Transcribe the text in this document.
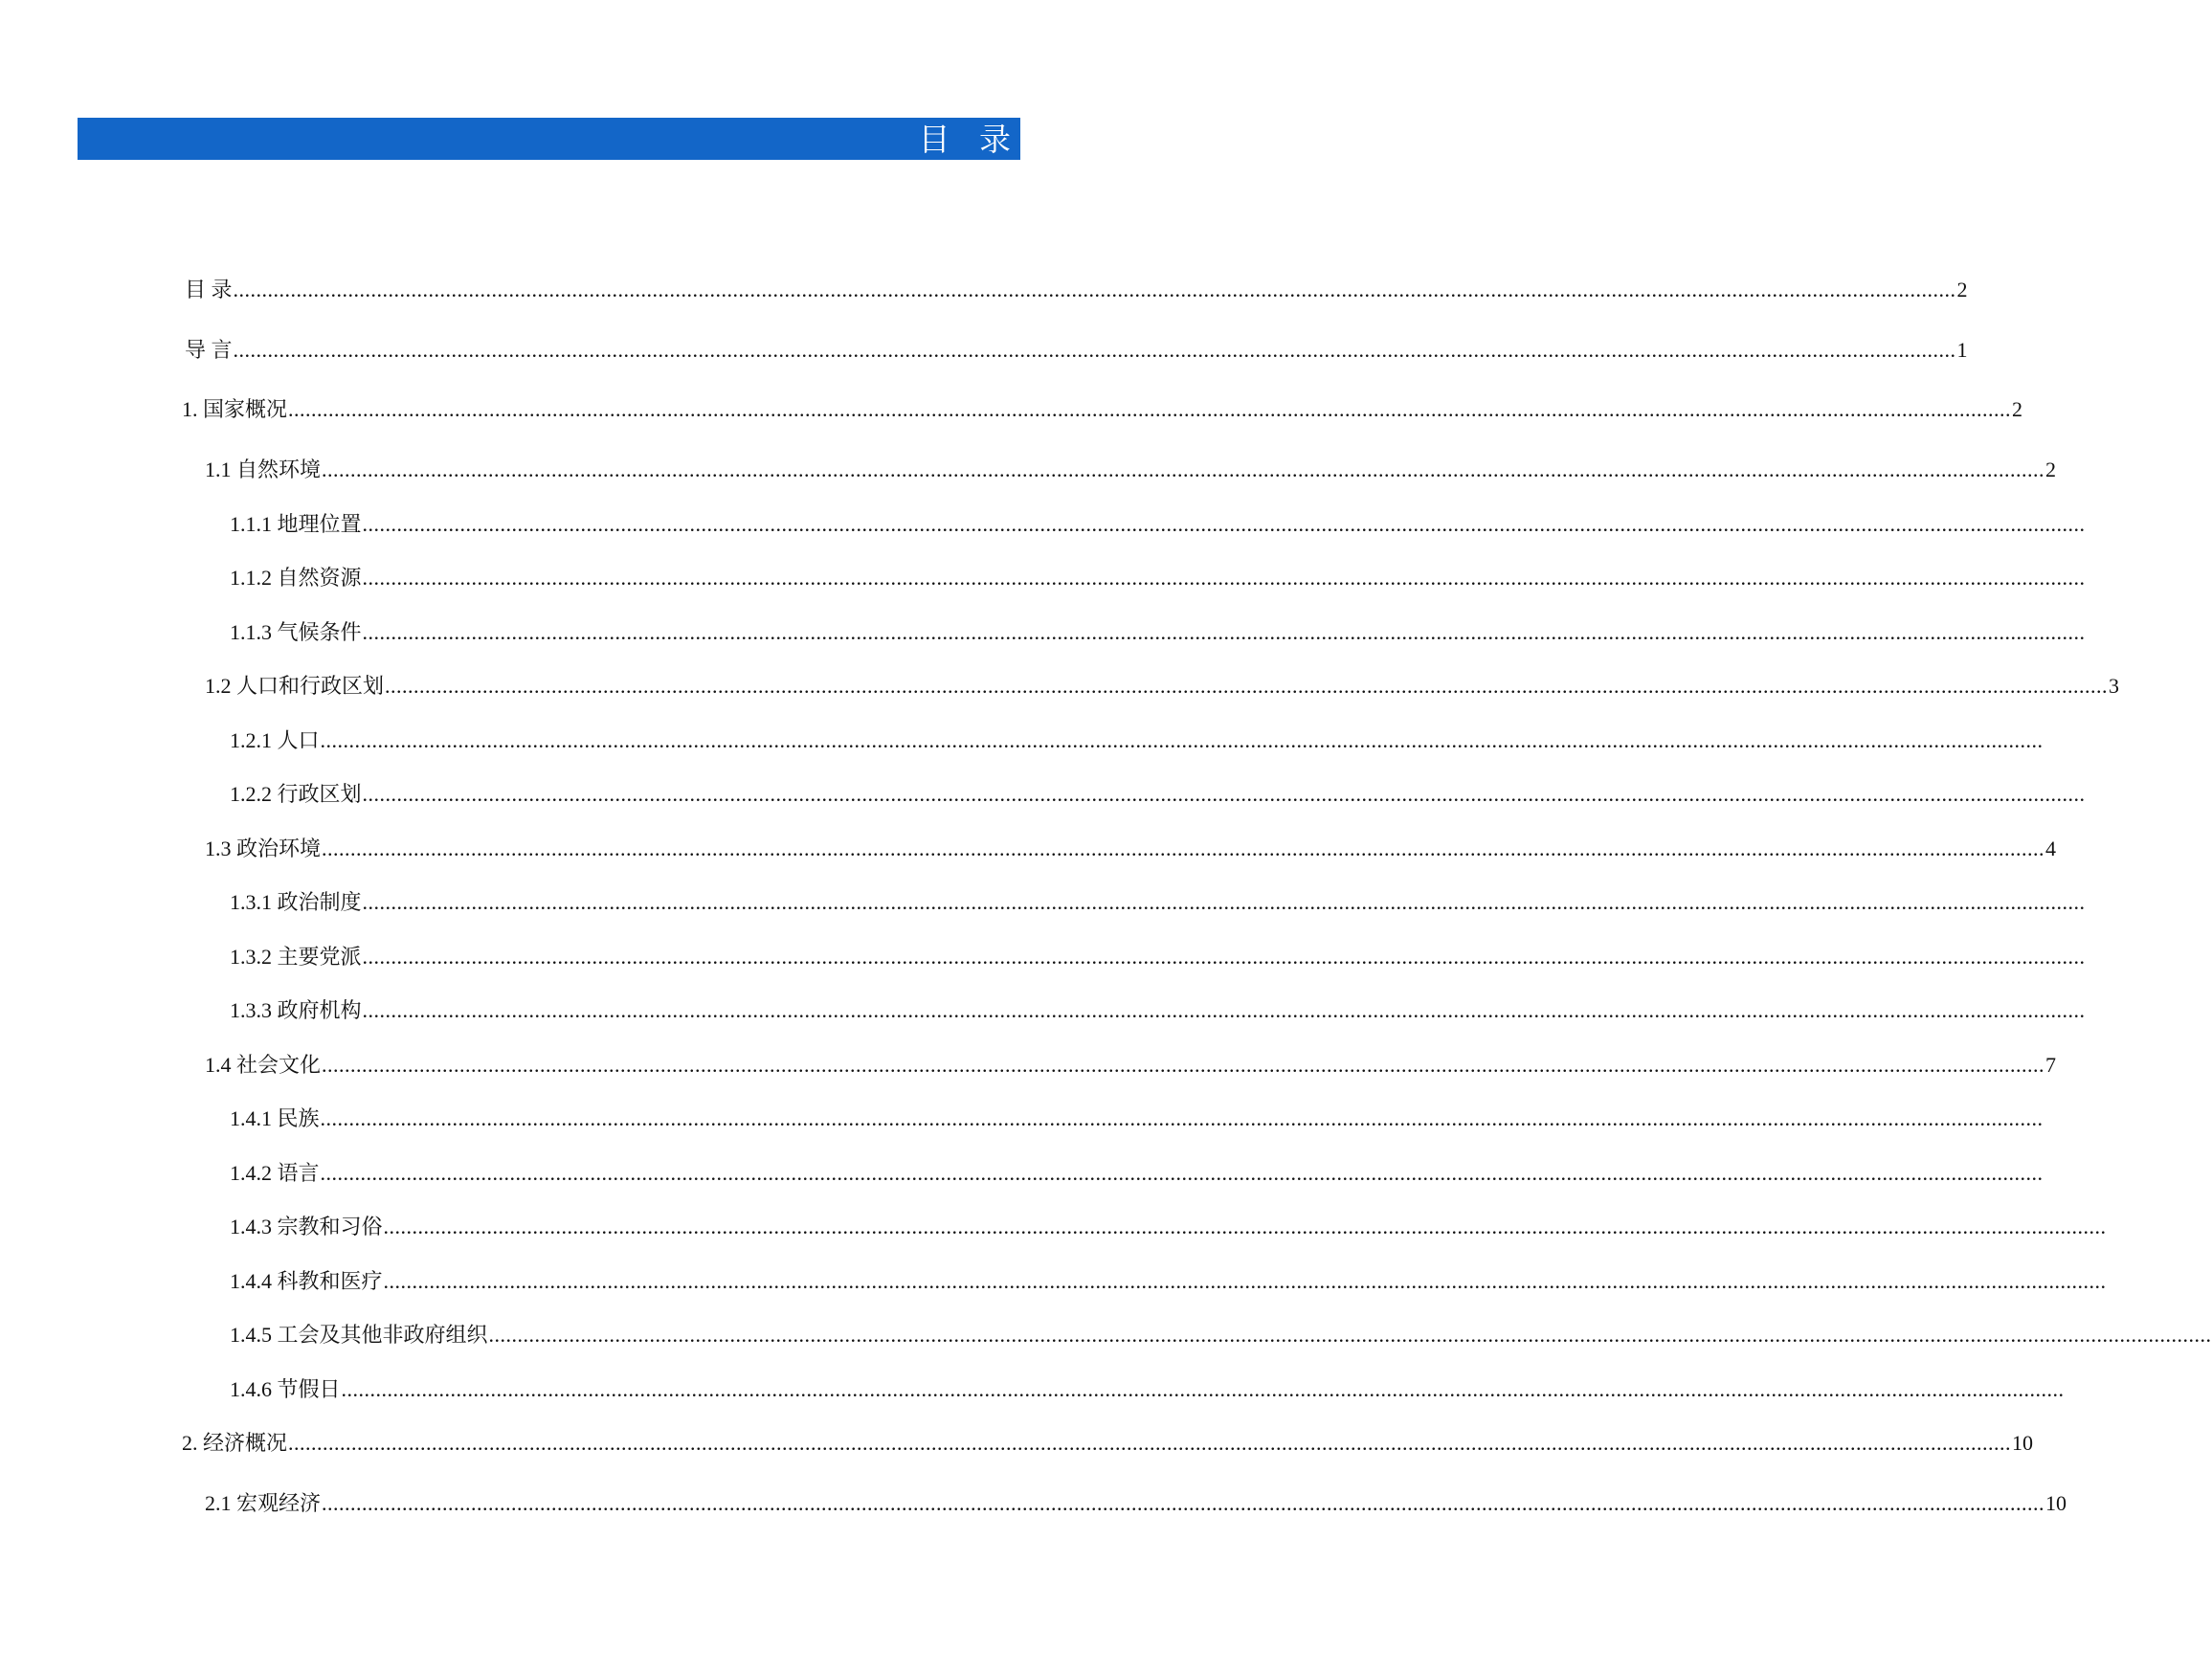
目 录
目 录 ............................................................................................................................................................................................................................................................................................................ 2
导 言 ............................................................................................................................................................................................................................................................................................................ 1
1. 国家概况 ............................................................................................................................................................................................................................................................................................................ 2
1.1 自然环境 ............................................................................................................................................................................................................................................................................................................ 2
1.1.1 地理位置 ............................................................................................................................................................................................................................................................................................................
1.1.2 自然资源 ............................................................................................................................................................................................................................................................................................................
1.1.3 气候条件 ............................................................................................................................................................................................................................................................................................................
1.2 人口和行政区划 ............................................................................................................................................................................................................................................................................................................ 3
1.2.1 人口 ............................................................................................................................................................................................................................................................................................................
1.2.2 行政区划 ............................................................................................................................................................................................................................................................................................................
1.3 政治环境 ............................................................................................................................................................................................................................................................................................................ 4
1.3.1 政治制度 ............................................................................................................................................................................................................................................................................................................
1.3.2 主要党派 ............................................................................................................................................................................................................................................................................................................
1.3.3 政府机构 ............................................................................................................................................................................................................................................................................................................
1.4 社会文化 ............................................................................................................................................................................................................................................................................................................ 7
1.4.1 民族 ............................................................................................................................................................................................................................................................................................................
1.4.2 语言 ............................................................................................................................................................................................................................................................................................................
1.4.3 宗教和习俗 ............................................................................................................................................................................................................................................................................................................
1.4.4 科教和医疗 ............................................................................................................................................................................................................................................................................................................
1.4.5 工会及其他非政府组织 ............................................................................................................................................................................................................................................................................................................
1.4.6 节假日 ............................................................................................................................................................................................................................................................................................................
2. 经济概况 ............................................................................................................................................................................................................................................................................................................ 10
2.1 宏观经济 ............................................................................................................................................................................................................................................................................................................ 10
